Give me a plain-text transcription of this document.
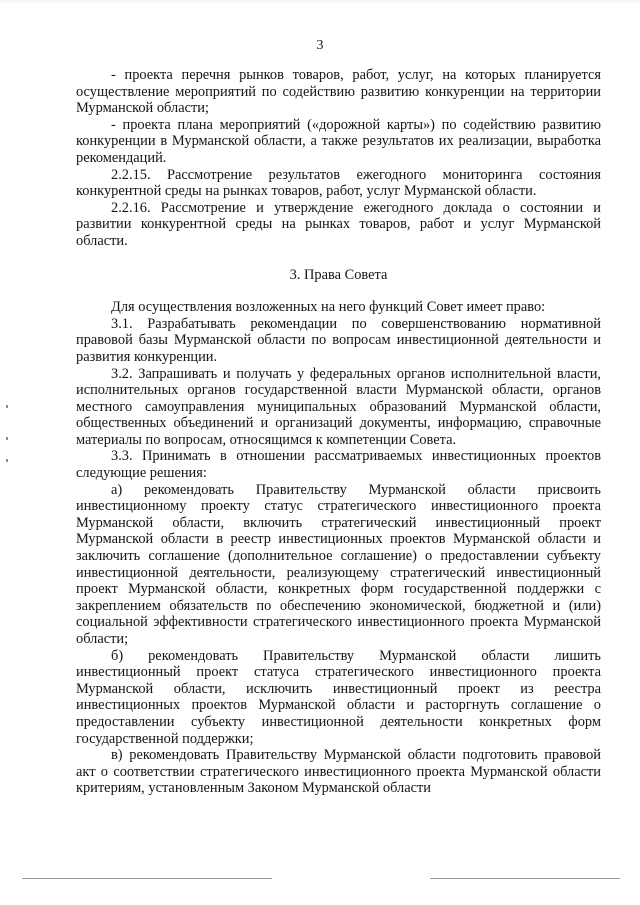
3

- проекта перечня рынков товаров, работ, услуг, на которых планируется осуществление мероприятий по содействию развитию конкуренции на территории Мурманской области;

- проекта плана мероприятий («дорожной карты») по содействию развитию конкуренции в Мурманской области, а также результатов их реализации, выработка рекомендаций.

2.2.15. Рассмотрение результатов ежегодного мониторинга состояния конкурентной среды на рынках товаров, работ, услуг Мурманской области.

2.2.16. Рассмотрение и утверждение ежегодного доклада о состоянии и развитии конкурентной среды на рынках товаров, работ и услуг Мурманской области.

3. Права Совета

Для осуществления возложенных на него функций Совет имеет право:

3.1. Разрабатывать рекомендации по совершенствованию нормативной правовой базы Мурманской области по вопросам инвестиционной деятельности и развития конкуренции.

3.2. Запрашивать и получать у федеральных органов исполнительной власти, исполнительных органов государственной власти Мурманской области, органов местного самоуправления муниципальных образований Мурманской области, общественных объединений и организаций документы, информацию, справочные материалы по вопросам, относящимся к компетенции Совета.

3.3. Принимать в отношении рассматриваемых инвестиционных проектов следующие решения:

а) рекомендовать Правительству Мурманской области присвоить инвестиционному проекту статус стратегического инвестиционного проекта Мурманской области, включить стратегический инвестиционный проект Мурманской области в реестр инвестиционных проектов Мурманской области и заключить соглашение (дополнительное соглашение) о предоставлении субъекту инвестиционной деятельности, реализующему стратегический инвестиционный проект Мурманской области, конкретных форм государственной поддержки с закреплением обязательств по обеспечению экономической, бюджетной и (или) социальной эффективности стратегического инвестиционного проекта Мурманской области;

б) рекомендовать Правительству Мурманской области лишить инвестиционный проект статуса стратегического инвестиционного проекта Мурманской области, исключить инвестиционный проект из реестра инвестиционных проектов Мурманской области и расторгнуть соглашение о предоставлении субъекту инвестиционной деятельности конкретных форм государственной поддержки;

в) рекомендовать Правительству Мурманской области подготовить правовой акт о соответствии стратегического инвестиционного проекта Мурманской области критериям, установленным Законом Мурманской области
